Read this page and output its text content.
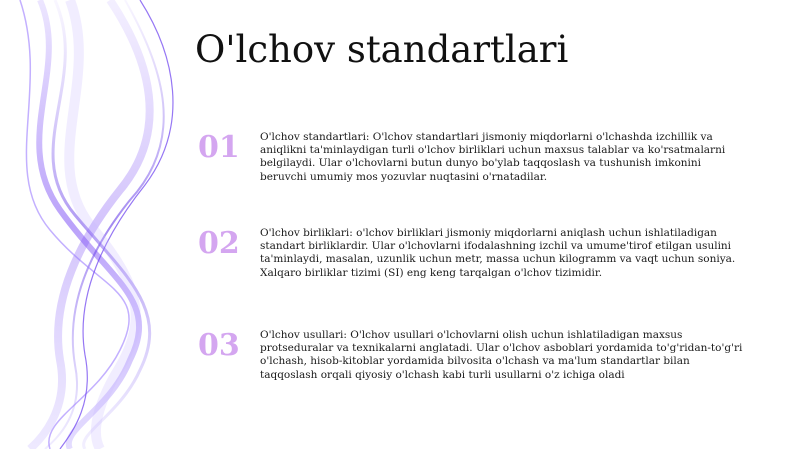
O'lchov standartlari
01	O'lchov standartlari: O'lchov standartlari jismoniy miqdorlarni o'lchashda izchillik va aniqlikni ta'minlaydigan turli o'lchov birliklari uchun maxsus talablar va ko'rsatmalarni belgilaydi. Ular o'lchovlarni butun dunyo bo'ylab taqqoslash va tushunish imkonini beruvchi umumiy mos yozuvlar nuqtasini o'rnatadilar.

02	O'lchov birliklari: o'lchov birliklari jismoniy miqdorlarni aniqlash uchun ishlatiladigan standart birliklardir. Ular o'lchovlarni ifodalashning izchil va umume'tirof etilgan usulini ta'minlaydi, masalan, uzunlik uchun metr, massa uchun kilogramm va vaqt uchun soniya. Xalqaro birliklar tizimi (SI) eng keng tarqalgan o'lchov tizimidir.

03	O'lchov usullari: O'lchov usullari o'lchovlarni olish uchun ishlatiladigan maxsus protseduralar va texnikalarni anglatadi. Ular o'lchov asboblari yordamida to'g'ridan-to'g'ri o'lchash, hisob-kitoblar yordamida bilvosita o'lchash va ma'lum standartlar bilan taqqoslash orqali qiyosiy o'lchash kabi turli usullarni o'z ichiga oladi
